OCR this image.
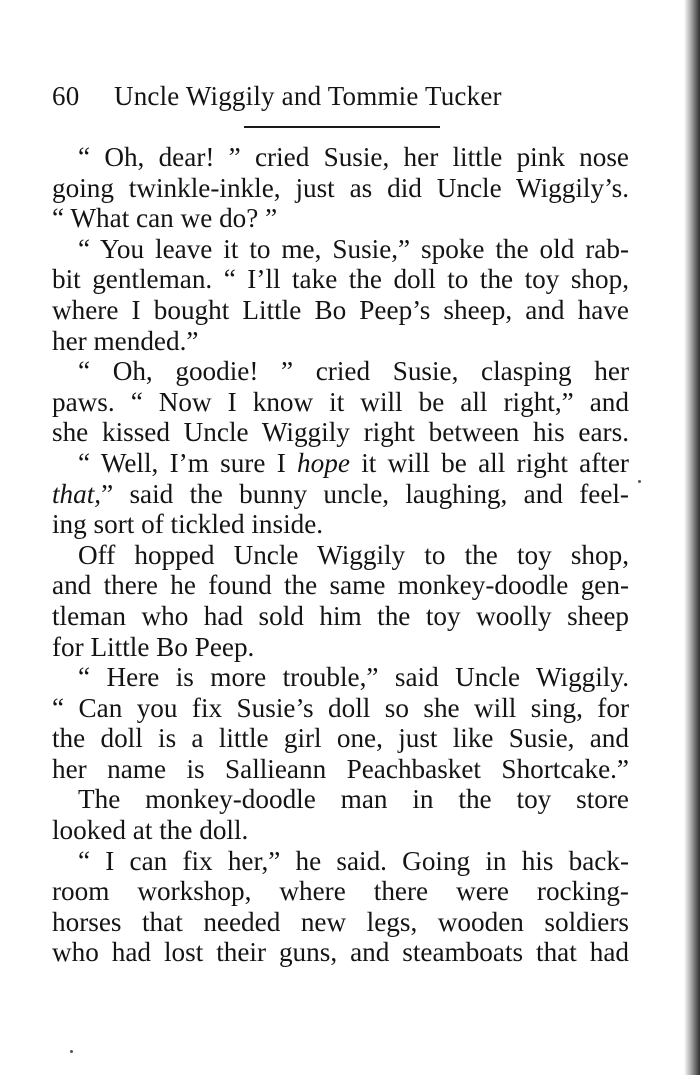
60 Uncle Wiggily and Tommie Tucker
“ Oh, dear! ” cried Susie, her little pink nose
going twinkle-inkle, just as did Uncle Wiggily’s.
“ What can we do? ”
“ You leave it to me, Susie,” spoke the old rab-
bit gentleman. “ I’ll take the doll to the toy shop,
where I bought Little Bo Peep’s sheep, and have
her mended.”
“ Oh, goodie! ” cried Susie, clasping her
paws. “ Now I know it will be all right,” and
she kissed Uncle Wiggily right between his ears.
“ Well, I’m sure I hope it will be all right after
that,” said the bunny uncle, laughing, and feel-
ing sort of tickled inside.
Off hopped Uncle Wiggily to the toy shop,
and there he found the same monkey-doodle gen-
tleman who had sold him the toy woolly sheep
for Little Bo Peep.
“ Here is more trouble,” said Uncle Wiggily.
“ Can you fix Susie’s doll so she will sing, for
the doll is a little girl one, just like Susie, and
her name is Sallieann Peachbasket Shortcake.”
The monkey-doodle man in the toy store
looked at the doll.
“ I can fix her,” he said. Going in his back-
room workshop, where there were rocking-
horses that needed new legs, wooden soldiers
who had lost their guns, and steamboats that had
